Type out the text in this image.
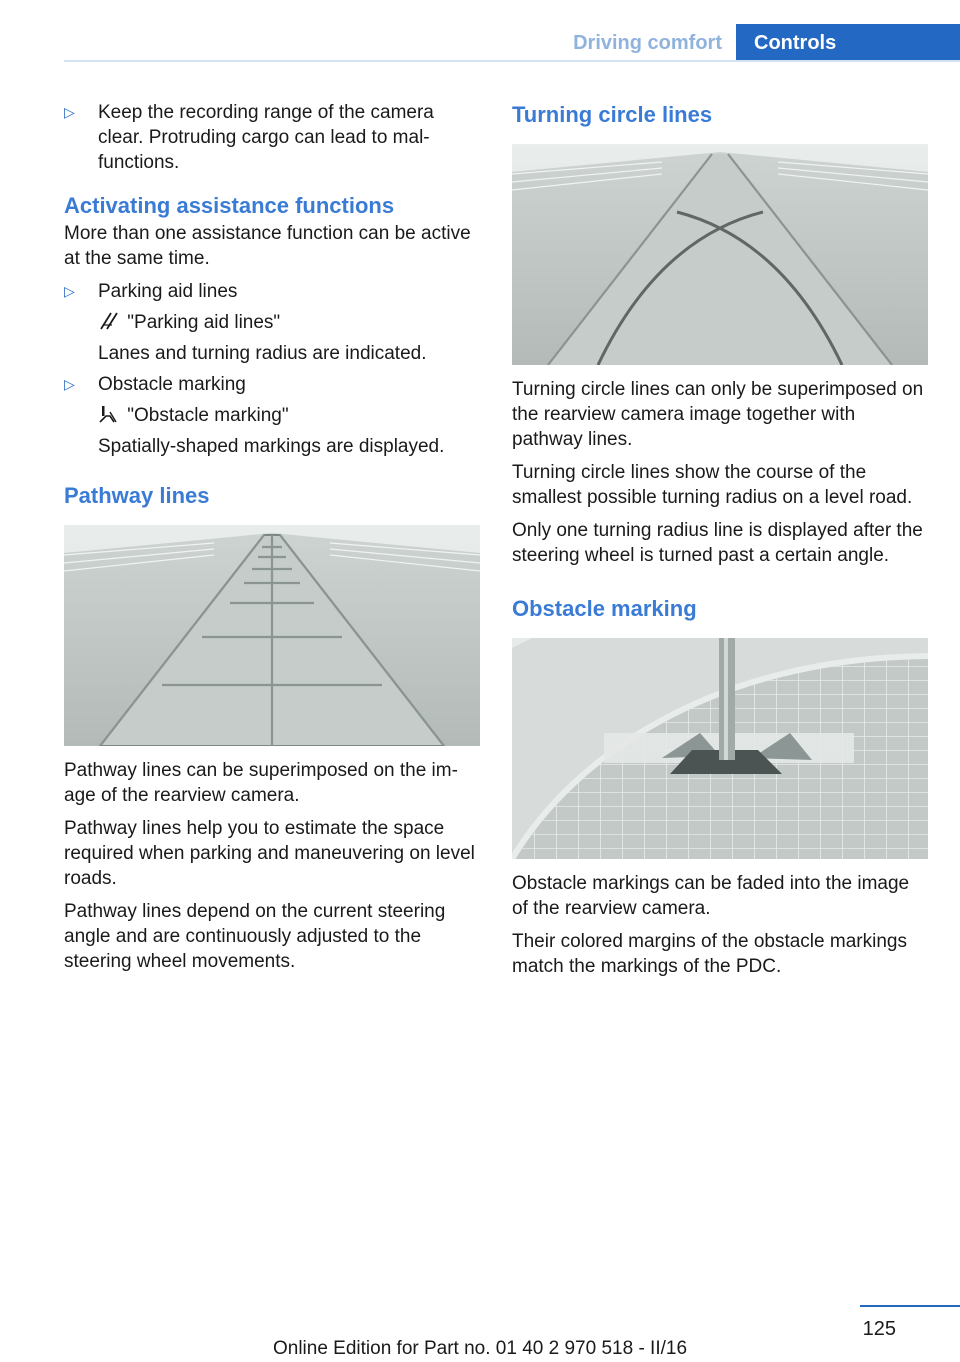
Driving comfort	Controls
▷ Keep the recording range of the camera clear. Protruding cargo can lead to malfunctions.
Activating assistance functions

More than one assistance function can be active at the same time.

▷ Parking aid lines
"Parking aid lines"
Lanes and turning radius are indicated.
▷ Obstacle marking
"Obstacle marking"
Spatially-shaped markings are displayed.
Pathway lines

Pathway lines can be superimposed on the image of the rearview camera.

Pathway lines help you to estimate the space required when parking and maneuvering on level roads.

Pathway lines depend on the current steering angle and are continuously adjusted to the steering wheel movements.

Turning circle lines

Turning circle lines can only be superimposed on the rearview camera image together with pathway lines.

Turning circle lines show the course of the smallest possible turning radius on a level road.

Only one turning radius line is displayed after the steering wheel is turned past a certain angle.

Obstacle marking

Obstacle markings can be faded into the image of the rearview camera.

Their colored margins of the obstacle markings match the markings of the PDC.

125
Online Edition for Part no. 01 40 2 970 518 - II/16
